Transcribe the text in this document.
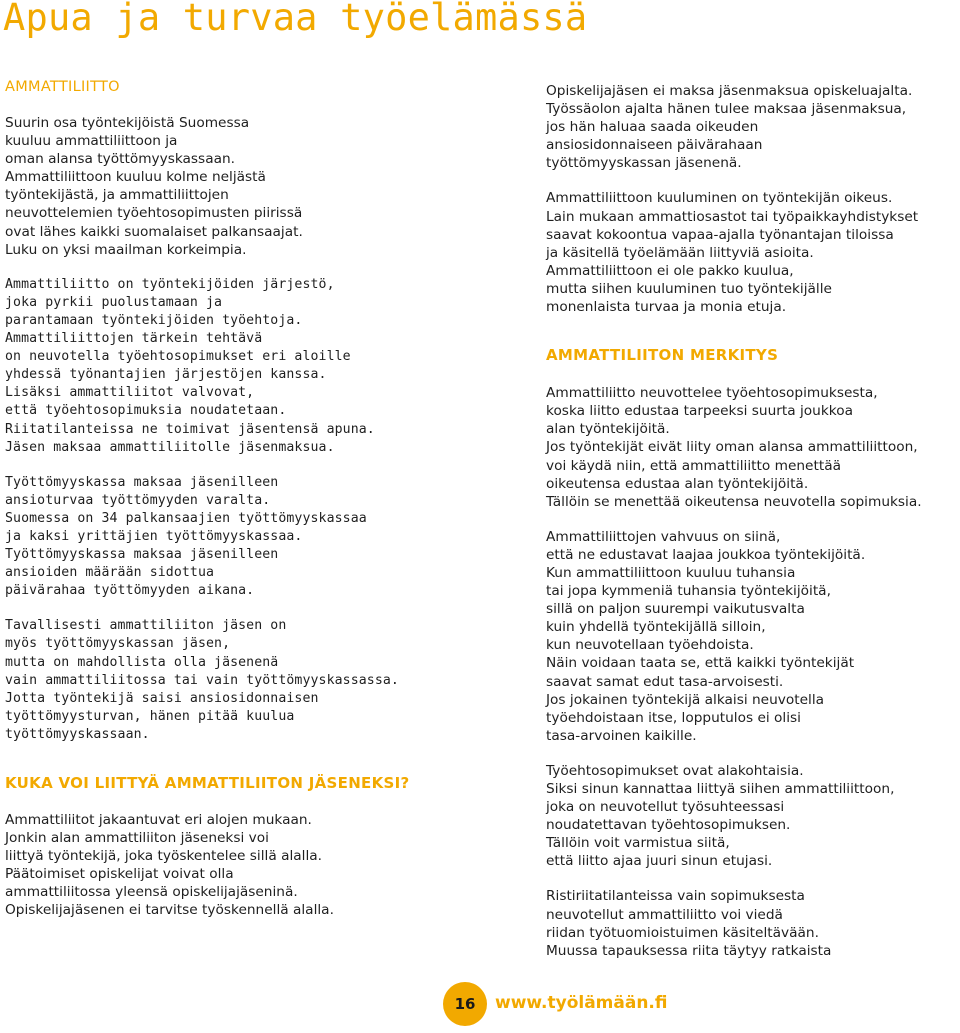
Apua ja turvaa työelämässä
AMMATTILIITTO
Suurin osa työntekijöistä Suomessa
kuuluu ammattiliittoon ja
oman alansa työttömyyskassaan.
Ammattiliittoon kuuluu kolme neljästä
työntekijästä, ja ammattiliittojen
neuvottelemien työehtosopimusten piirissä
ovat lähes kaikki suomalaiset palkansaajat.
Luku on yksi maailman korkeimpia.
Ammattiliitto on työntekijöiden järjestö,
joka pyrkii puolustamaan ja
parantamaan työntekijöiden työehtoja.
Ammattiliittojen tärkein tehtävä
on neuvotella työehtosopimukset eri aloille
yhdessä työnantajien järjestöjen kanssa.
Lisäksi ammattiliitot valvovat,
että työehtosopimuksia noudatetaan.
Riitatilanteissa ne toimivat jäsentensä apuna.
Jäsen maksaa ammattiliitolle jäsenmaksua.
Työttömyyskassa maksaa jäsenilleen
ansioturvaa työttömyyden varalta.
Suomessa on 34 palkansaajien työttömyyskassaa
ja kaksi yrittäjien työttömyyskassaa.
Työttömyyskassa maksaa jäsenilleen
ansioiden määrään sidottua
päivärahaa työttömyyden aikana.
Tavallisesti ammattiliiton jäsen on
myös työttömyyskassan jäsen,
mutta on mahdollista olla jäsenenä
vain ammattiliitossa tai vain työttömyyskassassa.
Jotta työntekijä saisi ansiosidonnaisen
työttömyysturvan, hänen pitää kuulua
työttömyyskassaan.
KUKA VOI LIITTYÄ AMMATTILIITON JÄSENEKSI?
Ammattiliitot jakaantuvat eri alojen mukaan.
Jonkin alan ammattiliiton jäseneksi voi
liittyä työntekijä, joka työskentelee sillä alalla.
Päätoimiset opiskelijat voivat olla
ammattiliitossa yleensä opiskelijajäseninä.
Opiskelijajäsenen ei tarvitse työskennellä alalla.
Opiskelijajäsen ei maksa jäsenmaksua opiskeluajalta.
Työssäolon ajalta hänen tulee maksaa jäsenmaksua,
jos hän haluaa saada oikeuden
ansiosidonnaiseen päivärahaan
työttömyyskassan jäsenenä.
Ammattiliittoon kuuluminen on työntekijän oikeus.
Lain mukaan ammattiosastot tai työpaikkayhdistykset
saavat kokoontua vapaa-ajalla työnantajan tiloissa
ja käsitellä työelämään liittyviä asioita.
Ammattiliittoon ei ole pakko kuulua,
mutta siihen kuuluminen tuo työntekijälle
monenlaista turvaa ja monia etuja.
AMMATTILIITON MERKITYS
Ammattiliitto neuvottelee työehtosopimuksesta,
koska liitto edustaa tarpeeksi suurta joukkoa
alan työntekijöitä.
Jos työntekijät eivät liity oman alansa ammattiliittoon,
voi käydä niin, että ammattiliitto menettää
oikeutensa edustaa alan työntekijöitä.
Tällöin se menettää oikeutensa neuvotella sopimuksia.
Ammattiliittojen vahvuus on siinä,
että ne edustavat laajaa joukkoa työntekijöitä.
Kun ammattiliittoon kuuluu tuhansia
tai jopa kymmeniä tuhansia työntekijöitä,
sillä on paljon suurempi vaikutusvalta
kuin yhdellä työntekijällä silloin,
kun neuvotellaan työehdoista.
Näin voidaan taata se, että kaikki työntekijät
saavat samat edut tasa-arvoisesti.
Jos jokainen työntekijä alkaisi neuvotella
työehdoistaan itse, lopputulos ei olisi
tasa-arvoinen kaikille.
Työehtosopimukset ovat alakohtaisia.
Siksi sinun kannattaa liittyä siihen ammattiliittoon,
joka on neuvotellut työsuhteessasi
noudatettavan työehtosopimuksen.
Tällöin voit varmistua siitä,
että liitto ajaa juuri sinun etujasi.
Ristiriitatilanteissa vain sopimuksesta
neuvotellut ammattiliitto voi viedä
riidan työtuomioistuimen käsiteltävään.
Muussa tapauksessa riita täytyy ratkaista
16	www.työlämään.fi
